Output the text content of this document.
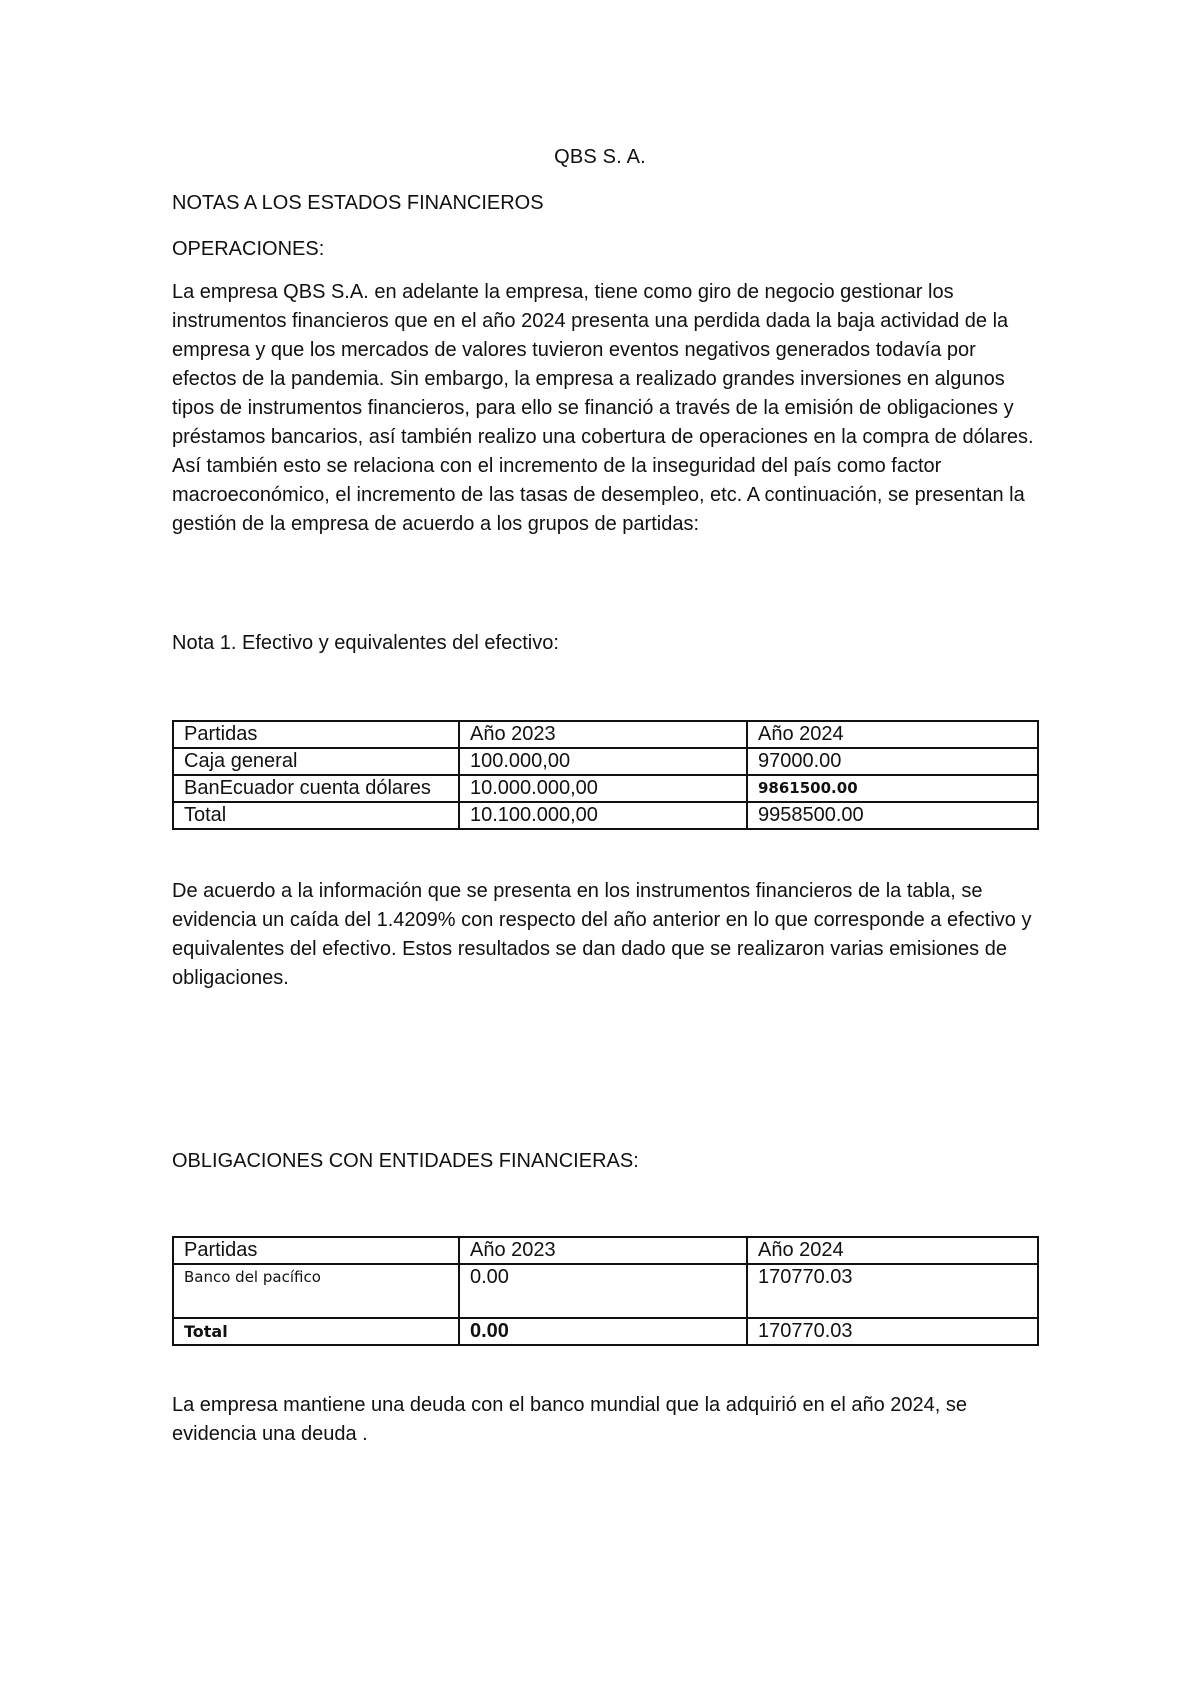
QBS S. A.
NOTAS A LOS ESTADOS FINANCIEROS
OPERACIONES:
La empresa QBS S.A. en adelante la empresa, tiene como giro de negocio gestionar los instrumentos financieros que en el año 2024 presenta una perdida dada la baja actividad de la empresa y que los mercados de valores tuvieron eventos negativos generados todavía por efectos de la pandemia. Sin embargo, la empresa a realizado grandes inversiones en algunos tipos de instrumentos financieros, para ello se financió a través de la emisión de obligaciones y préstamos bancarios, así también realizo una cobertura de operaciones en la compra de dólares. Así también esto se relaciona con el incremento de la inseguridad del país como factor macroeconómico, el incremento de las tasas de desempleo, etc. A continuación, se presentan la gestión de la empresa de acuerdo a los grupos de partidas:
Nota 1. Efectivo y equivalentes del efectivo:
Partidas	Año 2023	Año 2024
Caja general	100.000,00	97000.00
BanEcuador cuenta dólares	10.000.000,00	9861500.00
Total	10.100.000,00	9958500.00
De acuerdo a la información que se presenta en los instrumentos financieros de la tabla, se evidencia un caída del 1.4209% con respecto del año anterior en lo que corresponde a efectivo y equivalentes del efectivo. Estos resultados se dan dado que se realizaron varias emisiones de obligaciones.
OBLIGACIONES CON ENTIDADES FINANCIERAS:
Partidas	Año 2023	Año 2024
Banco del pacífico	0.00	170770.03
Total	0.00	170770.03
La empresa mantiene una deuda con el banco mundial que la adquirió en el año 2024, se evidencia una deuda .
